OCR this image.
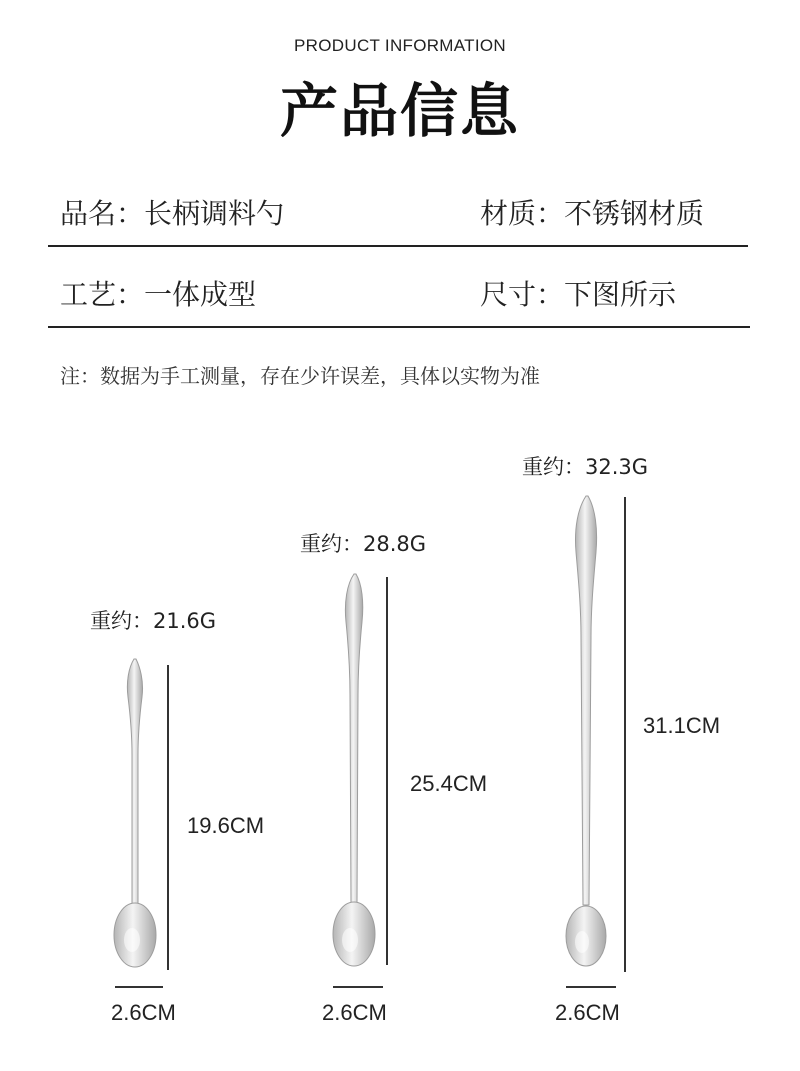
PRODUCT INFORMATION
产品信息
品名：长柄调料勺	材质：不锈钢材质
工艺：一体成型	尺寸：下图所示
注：数据为手工测量，存在少许误差，具体以实物为准
重约：21.6G
19.6CM
2.6CM
重约：28.8G
25.4CM
2.6CM
重约：32.3G
31.1CM
2.6CM
